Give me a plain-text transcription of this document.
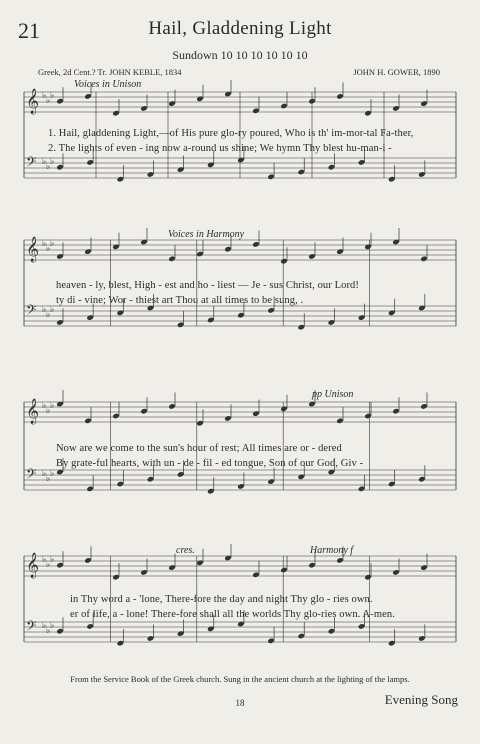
21	Hail, Gladdening Light
Sundown 10 10 10 10 10 10
Greek, 2d Cent.? Tr. JOHN KEBLE, 1834	JOHN H. GOWER, 1890
𝄞 ♭ ♭ ♭
𝄢 ♭ ♭ ♭
𝄞 ♭ ♭ ♭
𝄢 ♭ ♭ ♭
𝄞 ♭ ♭ ♭
𝄢 ♭ ♭ ♭
𝄞 ♭ ♭ ♭
𝄢 ♭ ♭ ♭
Voices in Unison
Voices in Harmony
pp Unison
cres.	Harmony f
1. Hail, gladdening Light,—of His pure glo-ry poured, Who is th' im-mor-tal Fa-ther,
2. The lights of even - ing now a-round us shine; We hymn Thy blest hu-man-i -
heaven - ly, blest, High - est and ho - liest — Je - sus Christ, our Lord!
ty di - vine; Wor - thiest art Thou at all times to be sung, .
Now are we come to the sun's hour of rest; All times are or - dered
By grate-ful hearts, with un - de - fil - ed tongue, Son of our God, Giv -
in Thy word a - 'lone, There-fore the day and night Thy glo - ries own.
er of life, a - lone! There-fore shall all the worlds Thy glo-ries own. A-men.
From the Service Book of the Greek church. Sung in the ancient church at the lighting of the lamps.
18	Evening Song
